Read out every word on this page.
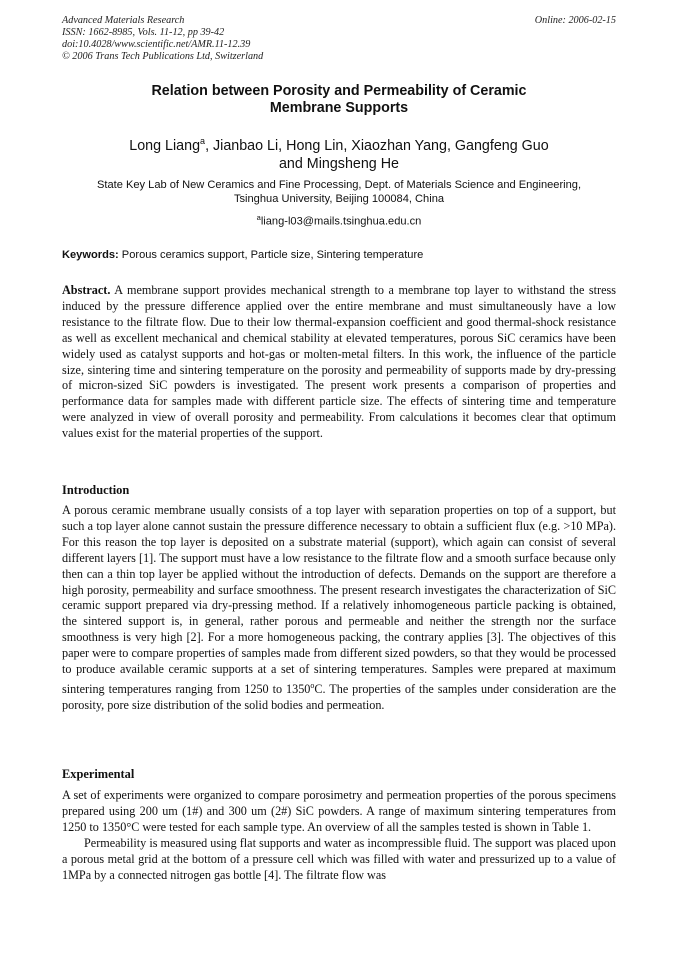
Advanced Materials Research
ISSN: 1662-8985, Vols. 11-12, pp 39-42
doi:10.4028/www.scientific.net/AMR.11-12.39
© 2006 Trans Tech Publications Ltd, Switzerland
Online: 2006-02-15
Relation between Porosity and Permeability of Ceramic
Membrane Supports
Long Liang$^a$, Jianbao Li, Hong Lin, Xiaozhan Yang, Gangfeng Guo
and Mingsheng He
State Key Lab of New Ceramics and Fine Processing, Dept. of Materials Science and Engineering,
Tsinghua University, Beijing 100084, China
$^a$liang-l03@mails.tsinghua.edu.cn
Keywords: Porous ceramics support, Particle size, Sintering temperature
Abstract. A membrane support provides mechanical strength to a membrane top layer to withstand the stress induced by the pressure difference applied over the entire membrane and must simultaneously have a low resistance to the filtrate flow. Due to their low thermal-expansion coefficient and good thermal-shock resistance as well as excellent mechanical and chemical stability at elevated temperatures, porous SiC ceramics have been widely used as catalyst supports and hot-gas or molten-metal filters. In this work, the influence of the particle size, sintering time and sintering temperature on the porosity and permeability of supports made by dry-pressing of micron-sized SiC powders is investigated. The present work presents a comparison of properties and performance data for samples made with different particle size. The effects of sintering time and temperature were analyzed in view of overall porosity and permeability. From calculations it becomes clear that optimum values exist for the material properties of the support.
Introduction
A porous ceramic membrane usually consists of a top layer with separation properties on top of a support, but such a top layer alone cannot sustain the pressure difference necessary to obtain a sufficient flux (e.g. >10 MPa). For this reason the top layer is deposited on a substrate material (support), which again can consist of several different layers [1]. The support must have a low resistance to the filtrate flow and a smooth surface because only then can a thin top layer be applied without the introduction of defects. Demands on the support are therefore a high porosity, permeability and surface smoothness. The present research investigates the characterization of SiC ceramic support prepared via dry-pressing method. If a relatively inhomogeneous particle packing is obtained, the sintered support is, in general, rather porous and permeable and neither the strength nor the surface smoothness is very high [2]. For a more homogeneous packing, the contrary applies [3]. The objectives of this paper were to compare properties of samples made from different sized powders, so that they would be processed to produce available ceramic supports at a set of sintering temperatures. Samples were prepared at maximum sintering temperatures ranging from 1250 to 1350$^o$C. The properties of the samples under consideration are the porosity, pore size distribution of the solid bodies and permeation.
Experimental
A set of experiments were organized to compare porosimetry and permeation properties of the porous specimens prepared using 200 um (1#) and 300 um (2#) SiC powders. A range of maximum sintering temperatures from 1250 to 1350°C were tested for each sample type. An overview of all the samples tested is shown in Table 1.
Permeability is measured using flat supports and water as incompressible fluid. The support was placed upon a porous metal grid at the bottom of a pressure cell which was filled with water and pressurized up to a value of 1MPa by a connected nitrogen gas bottle [4]. The filtrate flow was
